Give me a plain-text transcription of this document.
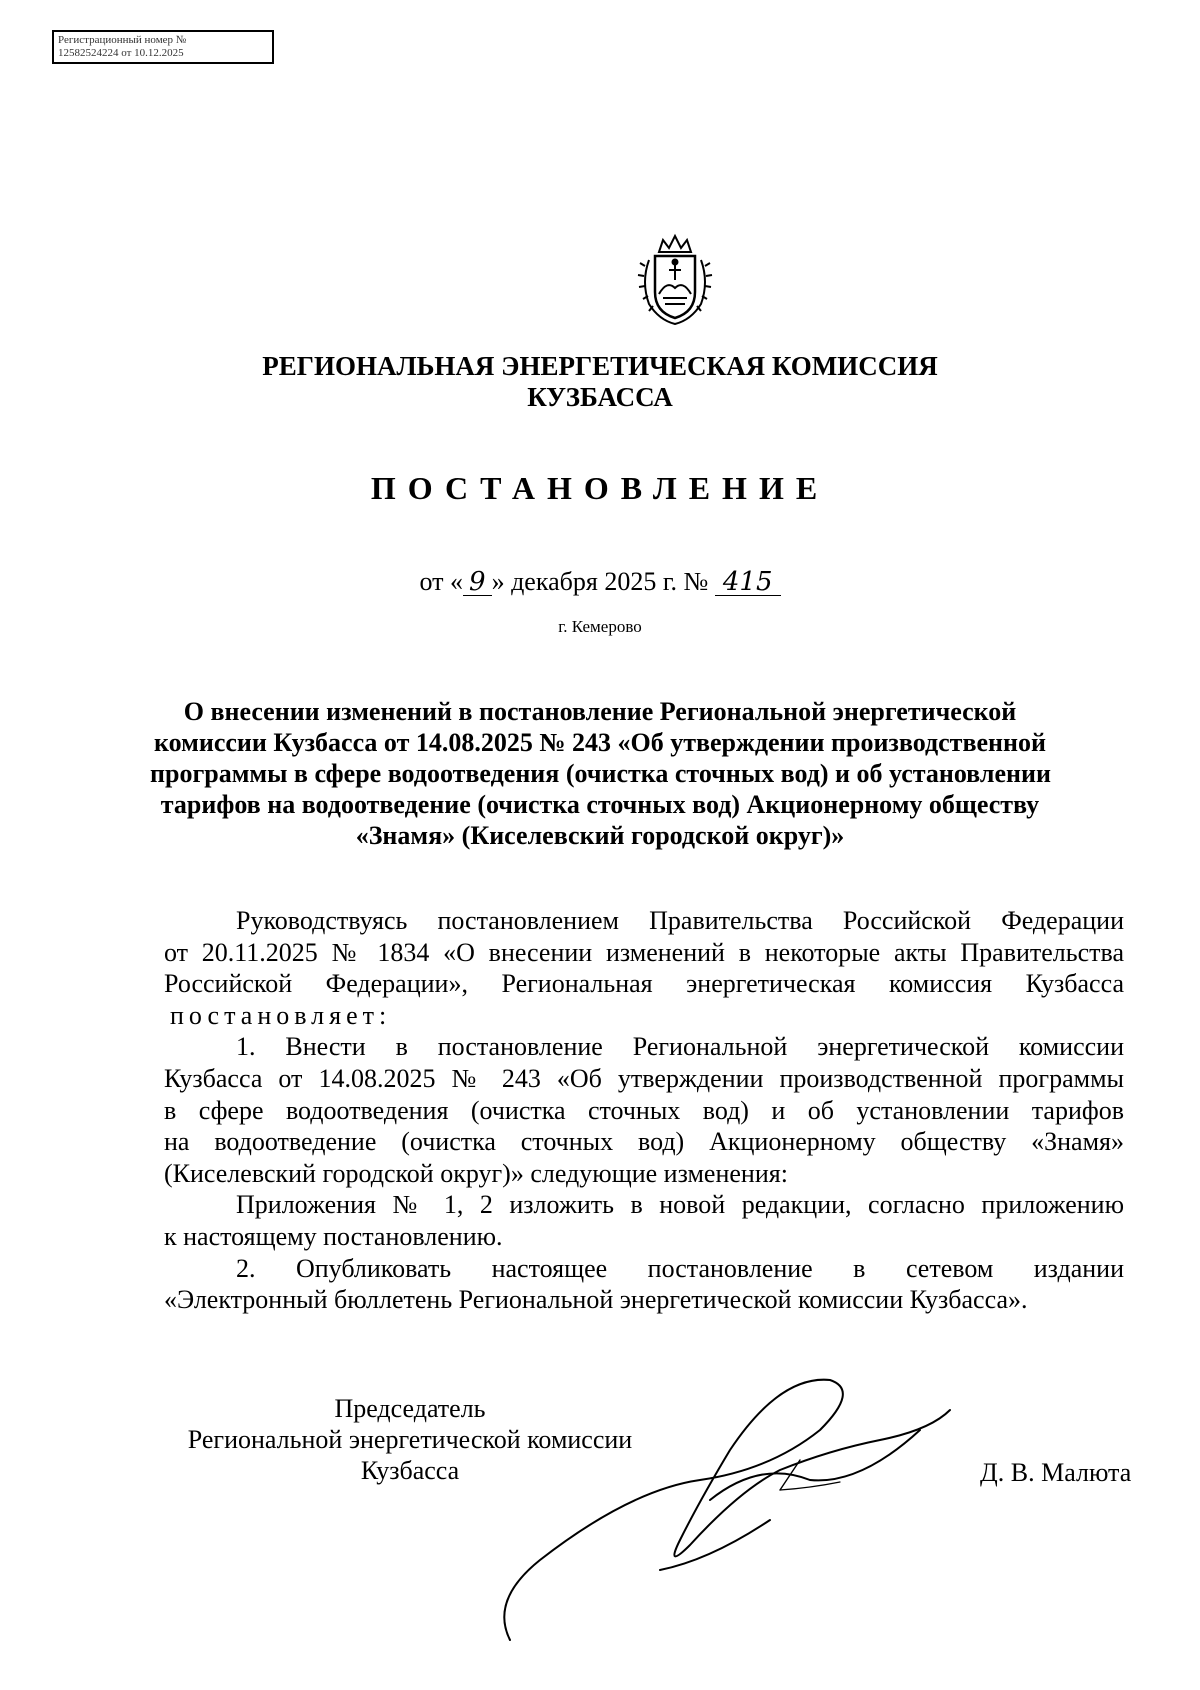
Регистрационный номер №
12582524224 от 10.12.2025
РЕГИОНАЛЬНАЯ ЭНЕРГЕТИЧЕСКАЯ КОМИССИЯ
КУЗБАССА
ПОСТАНОВЛЕНИЕ
от « 9 » декабря 2025 г. № 415
г. Кемерово
О внесении изменений в постановление Региональной энергетической
комиссии Кузбасса от 14.08.2025 № 243 «Об утверждении производственной
программы в сфере водоотведения (очистка сточных вод) и об установлении
тарифов на водоотведение (очистка сточных вод) Акционерному обществу
«Знамя» (Киселевский городской округ)»
Руководствуясь постановлением Правительства Российской Федерации
от 20.11.2025 № 1834 «О внесении изменений в некоторые акты Правительства
Российской Федерации», Региональная энергетическая комиссия Кузбасса
постановляет:
1. Внести в постановление Региональной энергетической комиссии
Кузбасса от 14.08.2025 № 243 «Об утверждении производственной программы
в сфере водоотведения (очистка сточных вод) и об установлении тарифов
на водоотведение (очистка сточных вод) Акционерному обществу «Знамя»
(Киселевский городской округ)» следующие изменения:
Приложения № 1, 2 изложить в новой редакции, согласно приложению
к настоящему постановлению.
2. Опубликовать настоящее постановление в сетевом издании
«Электронный бюллетень Региональной энергетической комиссии Кузбасса».
Председатель
Региональной энергетической комиссии
Кузбасса	Д. В. Малюта
